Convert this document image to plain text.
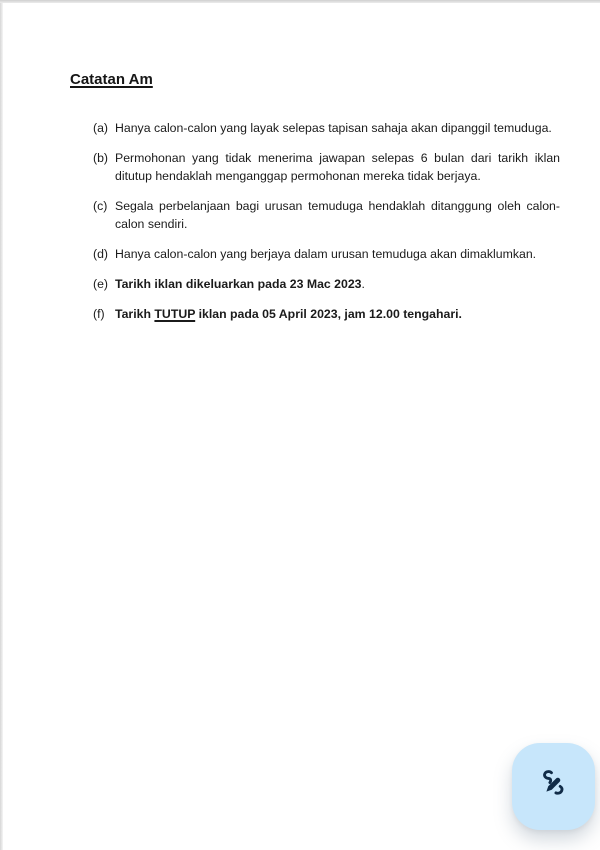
Catatan Am
(a) Hanya calon-calon yang layak selepas tapisan sahaja akan dipanggil temuduga.
(b) Permohonan yang tidak menerima jawapan selepas 6 bulan dari tarikh iklan ditutup hendaklah menganggap permohonan mereka tidak berjaya.
(c) Segala perbelanjaan bagi urusan temuduga hendaklah ditanggung oleh calon-calon sendiri.
(d) Hanya calon-calon yang berjaya dalam urusan temuduga akan dimaklumkan.
(e) Tarikh iklan dikeluarkan pada 23 Mac 2023.
(f) Tarikh TUTUP iklan pada 05 April 2023, jam 12.00 tengahari.
